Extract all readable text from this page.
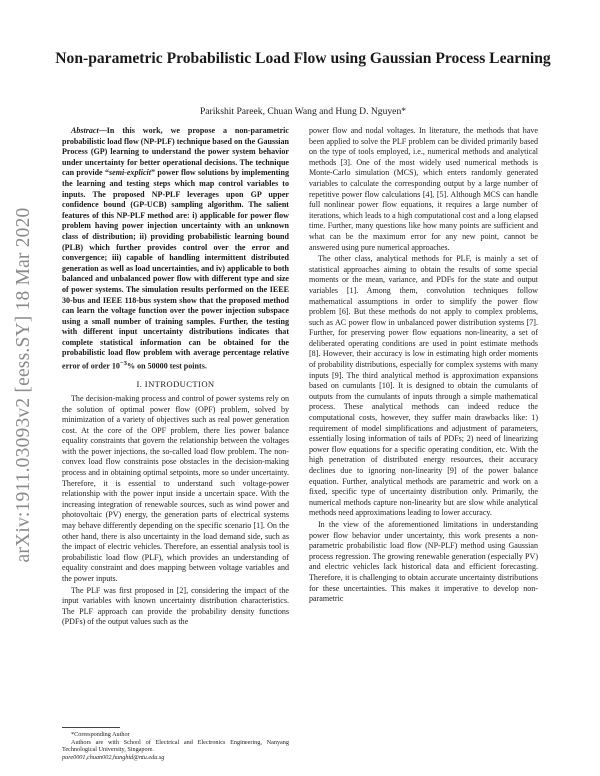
arXiv:1911.03093v2 [eess.SY] 18 Mar 2020
Non-parametric Probabilistic Load Flow using Gaussian Process Learning
Parikshit Pareek, Chuan Wang and Hung D. Nguyen*

Abstract—In this work, we propose a non-parametric probabilistic load flow (NP-PLF) technique based on the Gaussian Process (GP) learning to understand the power system behavior under uncertainty for better operational decisions. The technique can provide “semi-explicit” power flow solutions by implementing the learning and testing steps which map control variables to inputs. The proposed NP-PLF leverages upon GP upper confidence bound (GP-UCB) sampling algorithm. The salient features of this NP-PLF method are: i) applicable for power flow problem having power injection uncertainty with an unknown class of distribution; ii) providing probabilistic learning bound (PLB) which further provides control over the error and convergence; iii) capable of handling intermittent distributed generation as well as load uncertainties, and iv) applicable to both balanced and unbalanced power flow with different type and size of power systems. The simulation results performed on the IEEE 30-bus and IEEE 118-bus system show that the proposed method can learn the voltage function over the power injection subspace using a small number of training samples. Further, the testing with different input uncertainty distributions indicates that complete statistical information can be obtained for the probabilistic load flow problem with average percentage relative error of order $10^{-3}\%$ on 50000 test points.

I. INTRODUCTION

The decision-making process and control of power systems rely on the solution of optimal power flow (OPF) problem, solved by minimization of a variety of objectives such as real power generation cost. At the core of the OPF problem, there lies power balance equality constraints that govern the relationship between the voltages with the power injections, the so-called load flow problem. The non-convex load flow constraints pose obstacles in the decision-making process and in obtaining optimal setpoints, more so under uncertainty. Therefore, it is essential to understand such voltage-power relationship with the power input inside a uncertain space. With the increasing integration of renewable sources, such as wind power and photovoltaic (PV) energy, the generation parts of electrical systems may behave differently depending on the specific scenario [1]. On the other hand, there is also uncertainty in the load demand side, such as the impact of electric vehicles. Therefore, an essential analysis tool is probabilistic load flow (PLF), which provides an understanding of equality constraint and does mapping between voltage variables and the power inputs.

The PLF was first proposed in [2], considering the impact of the input variables with known uncertainty distribution characteristics. The PLF approach can provide the probability density functions (PDFs) of the output values such as the

power flow and nodal voltages. In literature, the methods that have been applied to solve the PLF problem can be divided primarily based on the type of tools employed, i.e., numerical methods and analytical methods [3]. One of the most widely used numerical methods is Monte-Carlo simulation (MCS), which enters randomly generated variables to calculate the corresponding output by a large number of repetitive power flow calculations [4], [5]. Although MCS can handle full nonlinear power flow equations, it requires a large number of iterations, which leads to a high computational cost and a long elapsed time. Further, many questions like how many points are sufficient and what can be the maximum error for any new point, cannot be answered using pure numerical approaches.

The other class, analytical methods for PLF, is mainly a set of statistical approaches aiming to obtain the results of some special moments or the mean, variance, and PDFs for the state and output variables [1]. Among them, convolution techniques follow mathematical assumptions in order to simplify the power flow problem [6]. But these methods do not apply to complex problems, such as AC power flow in unbalanced power distribution systems [7]. Further, for preserving power flow equations non-linearity, a set of deliberated operating conditions are used in point estimate methods [8]. However, their accuracy is low in estimating high order moments of probability distributions, especially for complex systems with many inputs [9]. The third analytical method is approximation expansions based on cumulants [10]. It is designed to obtain the cumulants of outputs from the cumulants of inputs through a simple mathematical process. These analytical methods can indeed reduce the computational costs, however, they suffer main drawbacks like: 1) requirement of model simplifications and adjustment of parameters, essentially losing information of tails of PDFs; 2) need of linearizing power flow equations for a specific operating condition, etc. With the high penetration of distributed energy resources, their accuracy declines due to ignoring non-linearity [9] of the power balance equation. Further, analytical methods are parametric and work on a fixed, specific type of uncertainty distribution only. Primarily, the numerical methods capture non-linearity but are slow while analytical methods need approximations leading to lower accuracy.

In the view of the aforementioned limitations in understanding power flow behavior under uncertainty, this work presents a non-parametric probabilistic load flow (NP-PLF) method using Gaussian process regression. The growing renewable generation (especially PV) and electric vehicles lack historical data and efficient forecasting. Therefore, it is challenging to obtain accurate uncertainty distributions for these uncertainties. This makes it imperative to develop non-parametric

*Corresponding Author
Authors are with School of Electrical and Electronics Engineering, Nanyang Technological University, Singapore.
pare0001,chuan002,hunghtd@ntu.edu.sg
